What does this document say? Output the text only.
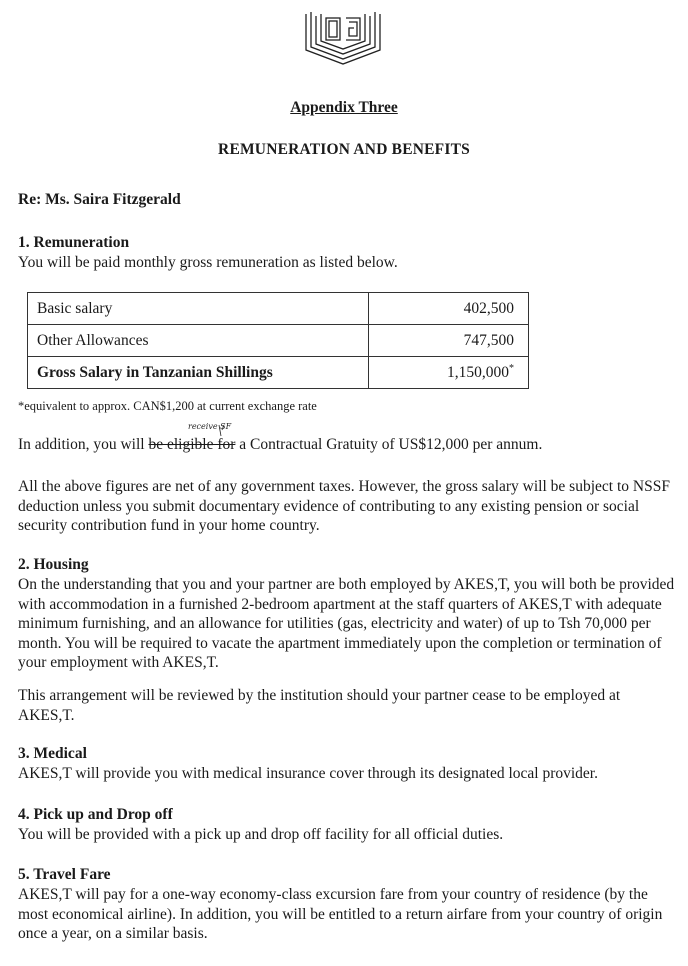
Appendix Three
REMUNERATION AND BENEFITS
Re: Ms. Saira Fitzgerald
1. Remuneration
You will be paid monthly gross remuneration as listed below.
Basic salary	402,500
Other Allowances	747,500
Gross Salary in Tanzanian Shillings	1,150,000*
*equivalent to approx. CAN$1,200 at current exchange rate
receive SF
In addition, you will be eligible for a Contractual Gratuity of US$12,000 per annum.
All the above figures are net of any government taxes. However, the gross salary will be subject to NSSF deduction unless you submit documentary evidence of contributing to any existing pension or social security contribution fund in your home country.
2. Housing
On the understanding that you and your partner are both employed by AKES,T, you will both be provided with accommodation in a furnished 2-bedroom apartment at the staff quarters of AKES,T with adequate minimum furnishing, and an allowance for utilities (gas, electricity and water) of up to Tsh 70,000 per month. You will be required to vacate the apartment immediately upon the completion or termination of your employment with AKES,T.
This arrangement will be reviewed by the institution should your partner cease to be employed at AKES,T.
3. Medical
AKES,T will provide you with medical insurance cover through its designated local provider.
4. Pick up and Drop off
You will be provided with a pick up and drop off facility for all official duties.
5. Travel Fare
AKES,T will pay for a one-way economy-class excursion fare from your country of residence (by the most economical airline). In addition, you will be entitled to a return airfare from your country of origin once a year, on a similar basis.
